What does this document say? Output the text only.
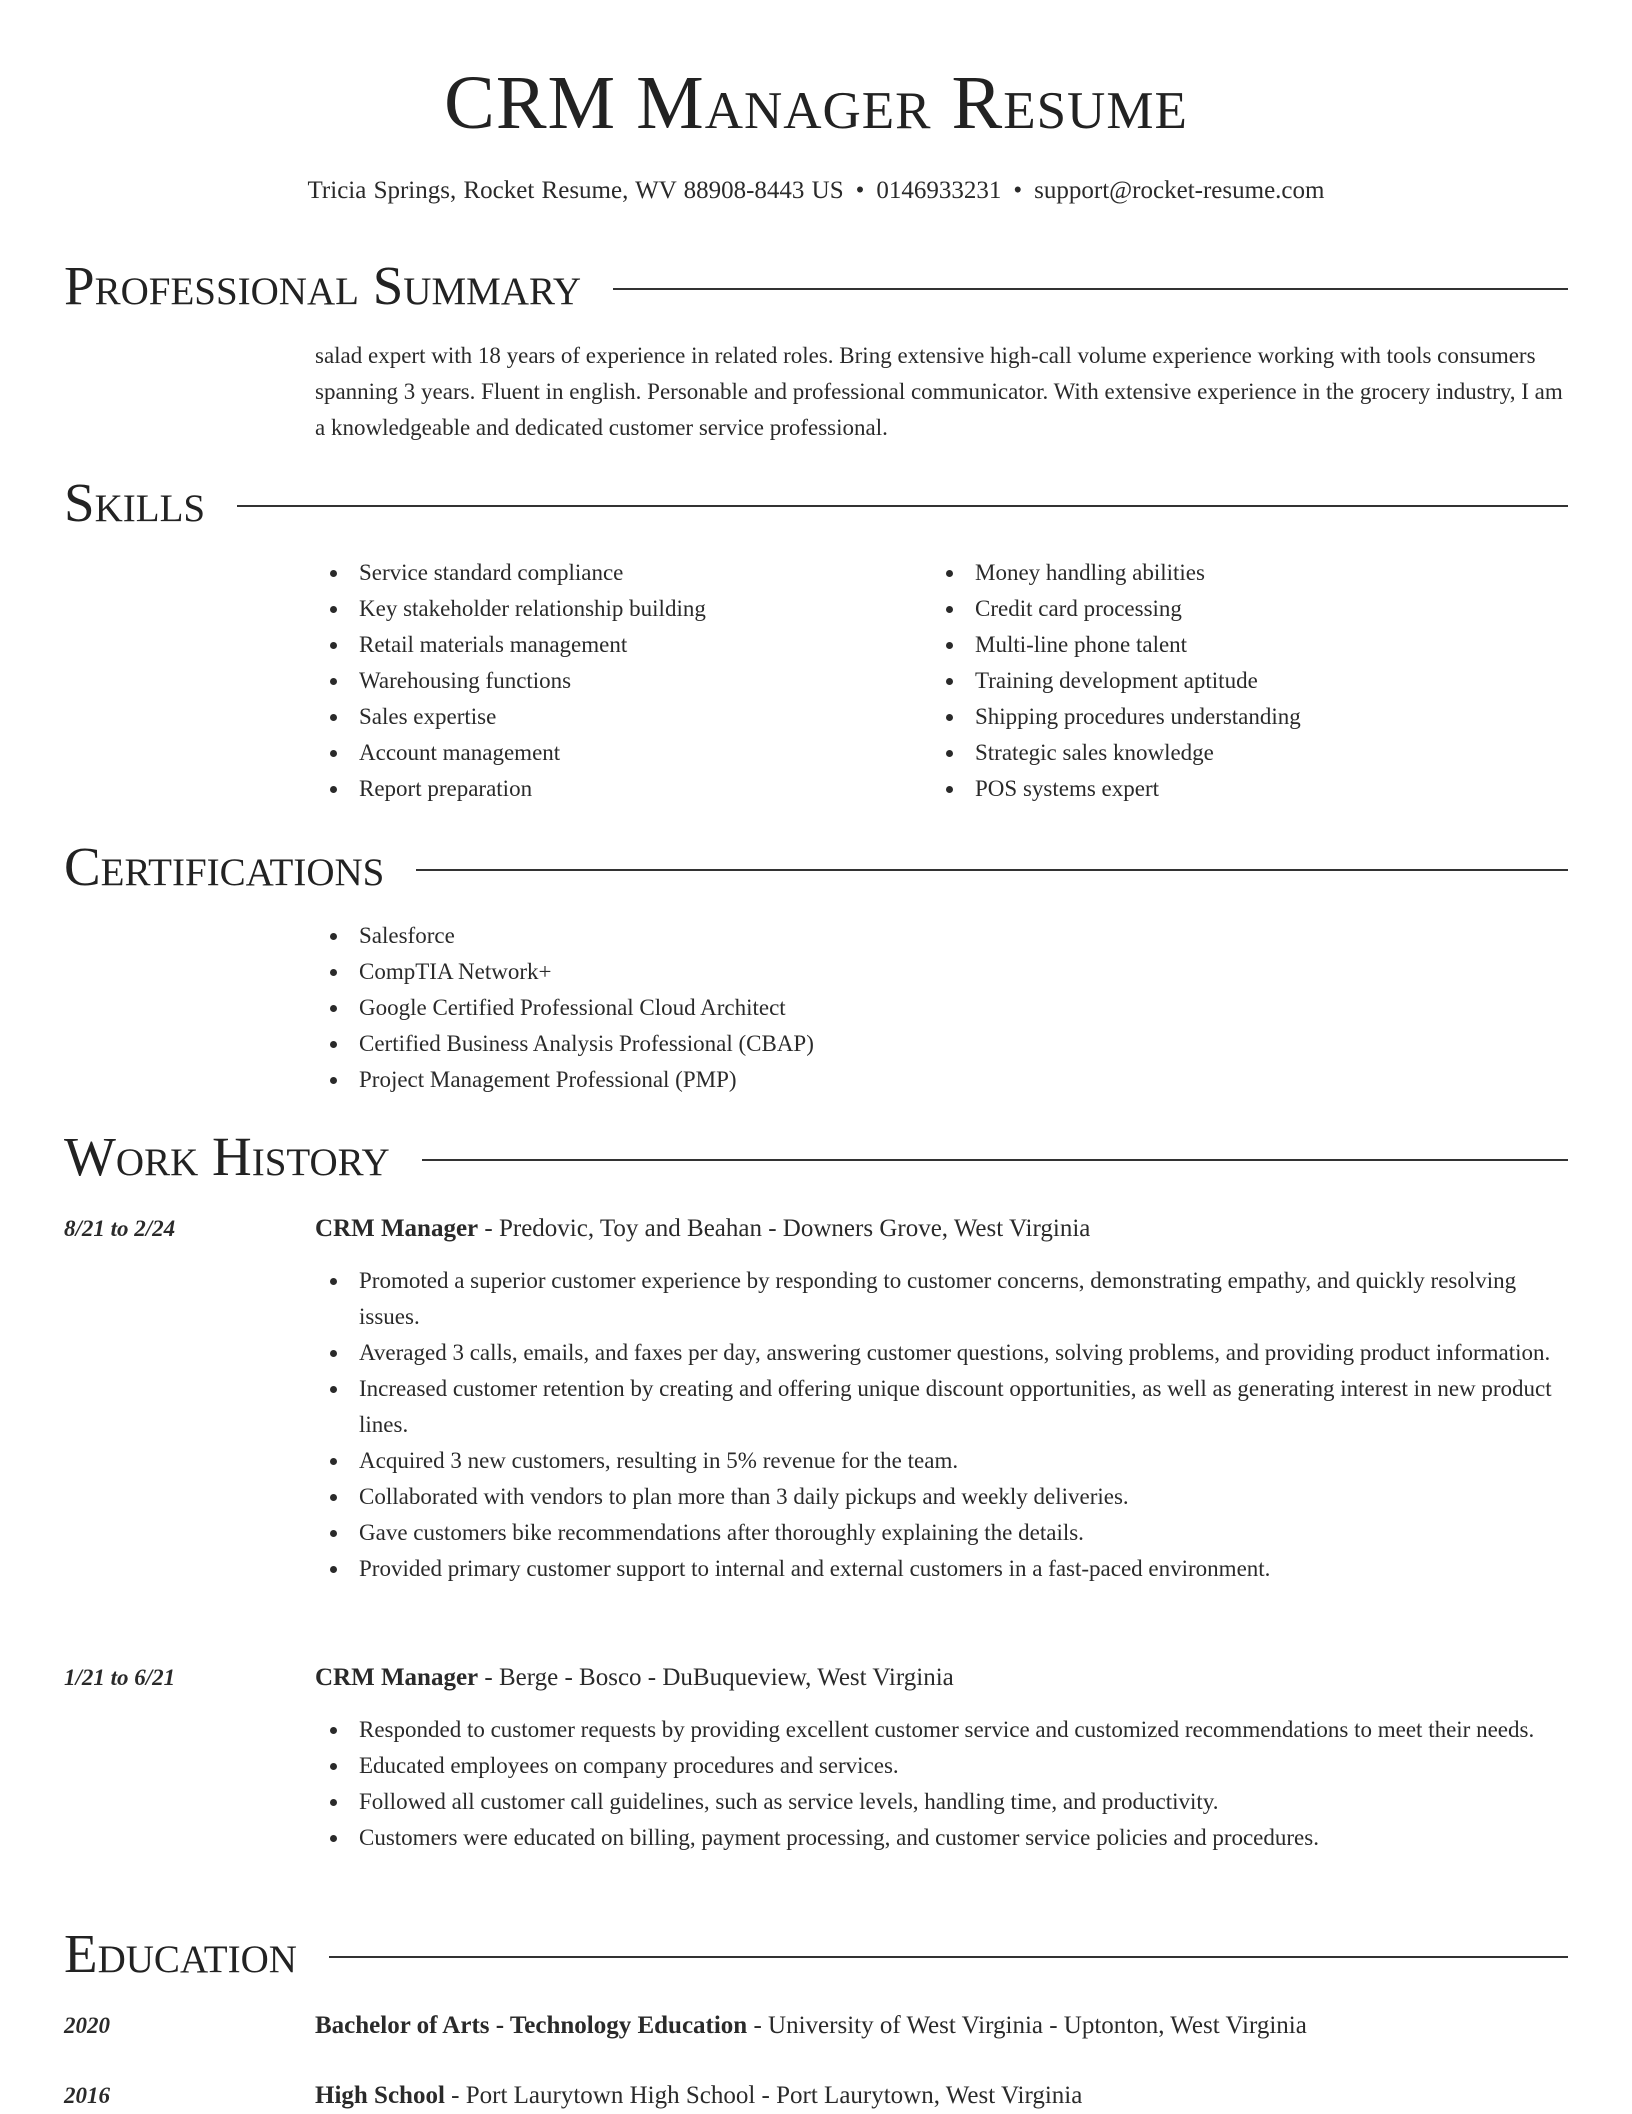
CRM Manager Resume
Tricia Springs, Rocket Resume, WV 88908-8443 US • 0146933231 • support@rocket-resume.com
Professional Summary

salad expert with 18 years of experience in related roles. Bring extensive high-call volume experience working with tools consumers spanning 3 years. Fluent in english. Personable and professional communicator. With extensive experience in the grocery industry, I am a knowledgeable and dedicated customer service professional.

Skills
Service standard compliance
Key stakeholder relationship building
Retail materials management
Warehousing functions
Sales expertise
Account management
Report preparation
Money handling abilities
Credit card processing
Multi-line phone talent
Training development aptitude
Shipping procedures understanding
Strategic sales knowledge
POS systems expert
Certifications
Salesforce
CompTIA Network+
Google Certified Professional Cloud Architect
Certified Business Analysis Professional (CBAP)
Project Management Professional (PMP)
Work History
8/21 to 2/24	CRM Manager - Predovic, Toy and Beahan - Downers Grove, West Virginia
Promoted a superior customer experience by responding to customer concerns, demonstrating empathy, and quickly resolving issues.
Averaged 3 calls, emails, and faxes per day, answering customer questions, solving problems, and providing product information.
Increased customer retention by creating and offering unique discount opportunities, as well as generating interest in new product lines.
Acquired 3 new customers, resulting in 5% revenue for the team.
Collaborated with vendors to plan more than 3 daily pickups and weekly deliveries.
Gave customers bike recommendations after thoroughly explaining the details.
Provided primary customer support to internal and external customers in a fast-paced environment.
1/21 to 6/21	CRM Manager - Berge - Bosco - DuBuqueview, West Virginia
Responded to customer requests by providing excellent customer service and customized recommendations to meet their needs.
Educated employees on company procedures and services.
Followed all customer call guidelines, such as service levels, handling time, and productivity.
Customers were educated on billing, payment processing, and customer service policies and procedures.
Education
2020	Bachelor of Arts - Technology Education - University of West Virginia - Uptonton, West Virginia
2016	High School - Port Laurytown High School - Port Laurytown, West Virginia
